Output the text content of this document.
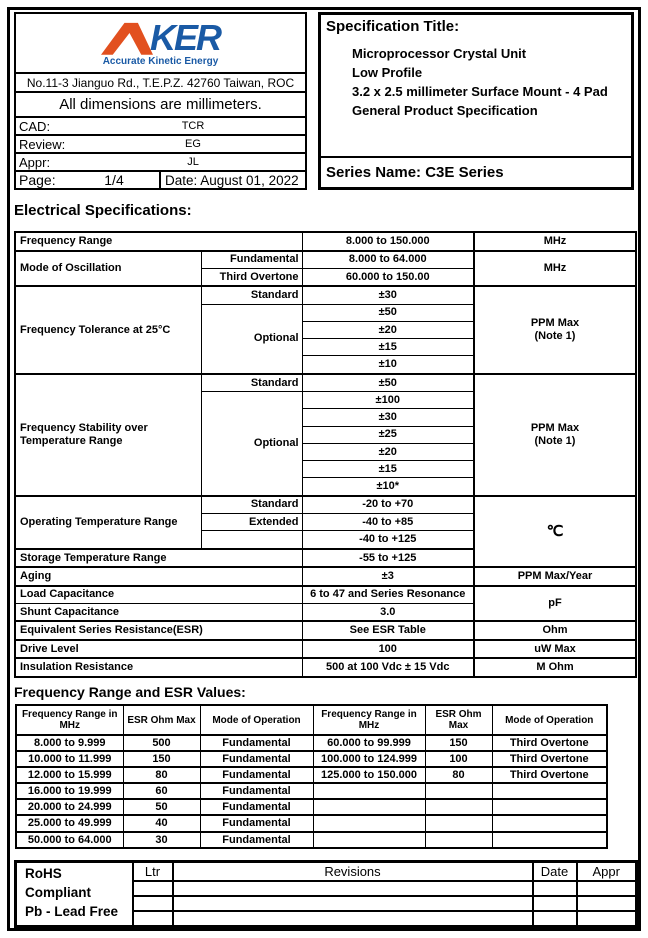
KER
Accurate Kinetic Energy
No.11-3 Jianguo Rd., T.E.P.Z. 42760 Taiwan, ROC
All dimensions are millimeters.
CAD:	TCR
Review:	EG
Appr:	JL
Page:	1/4	Date: August 01, 2022
Specification Title:
Microprocessor Crystal Unit
Low Profile
3.2 x 2.5 millimeter Surface Mount - 4 Pad
General Product Specification
Series Name: C3E Series
Electrical Specifications:
Frequency Range		8.000 to 150.000	MHz
Mode of Oscillation	Fundamental	8.000 to 64.000	MHz
	Third Overtone	60.000 to 150.00	
Frequency Tolerance at 25°C	Standard	±30	PPM Max
(Note 1)
	Optional	±50	
		±20	
		±15	
		±10	
Frequency Stability over
Temperature Range	Standard	±50	PPM Max
(Note 1)
	Optional	±100	
		±30	
		±25	
		±20	
		±15	
		±10*	
Operating Temperature Range	Standard	-20 to +70	℃
	Extended	-40 to +85	
		-40 to +125	
Storage Temperature Range		-55 to +125	
Aging		±3	PPM Max/Year
Load Capacitance		6 to 47 and Series Resonance	pF
Shunt Capacitance		3.0	
Equivalent Series Resistance(ESR)		See ESR Table	Ohm
Drive Level		100	uW Max
Insulation Resistance		500 at 100 Vdc ± 15 Vdc	M Ohm
Frequency Range and ESR Values:
Frequency Range in
MHz	ESR Ohm Max	Mode of Operation	Frequency Range in
MHz	ESR Ohm Max	Mode of Operation
8.000 to 9.999	500	Fundamental	60.000 to 99.999	150	Third Overtone
10.000 to 11.999	150	Fundamental	100.000 to 124.999	100	Third Overtone
12.000 to 15.999	80	Fundamental	125.000 to 150.000	80	Third Overtone
16.000 to 19.999	60	Fundamental			
20.000 to 24.999	50	Fundamental			
25.000 to 49.999	40	Fundamental			
50.000 to 64.000	30	Fundamental			
RoHS Compliant
Pb - Lead Free	Ltr	Revisions	Date	Appr
